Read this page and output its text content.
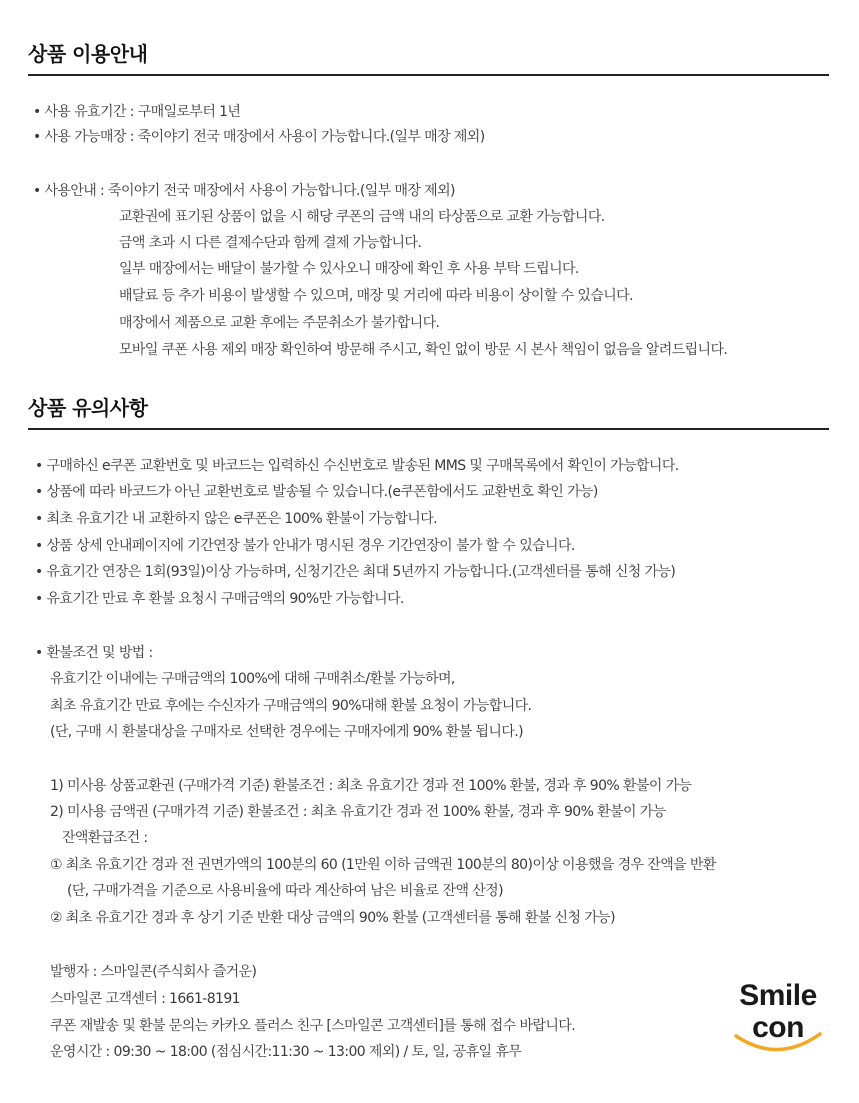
상품 이용안내

• 사용 유효기간 : 구매일로부터 1년

• 사용 가능매장 : 죽이야기 전국 매장에서 사용이 가능합니다.(일부 매장 제외)

• 사용안내 : 죽이야기 전국 매장에서 사용이 가능합니다.(일부 매장 제외)

교환권에 표기된 상품이 없을 시 해당 쿠폰의 금액 내의 타상품으로 교환 가능합니다.

금액 초과 시 다른 결제수단과 함께 결제 가능합니다.

일부 매장에서는 배달이 불가할 수 있사오니 매장에 확인 후 사용 부탁 드립니다.

배달료 등 추가 비용이 발생할 수 있으며, 매장 및 거리에 따라 비용이 상이할 수 있습니다.

매장에서 제품으로 교환 후에는 주문취소가 불가합니다.

모바일 쿠폰 사용 제외 매장 확인하여 방문해 주시고, 확인 없이 방문 시 본사 책임이 없음을 알려드립니다.

상품 유의사항

• 구매하신 e쿠폰 교환번호 및 바코드는 입력하신 수신번호로 발송된 MMS 및 구매목록에서 확인이 가능합니다.

• 상품에 따라 바코드가 아닌 교환번호로 발송될 수 있습니다.(e쿠폰함에서도 교환번호 확인 가능)

• 최초 유효기간 내 교환하지 않은 e쿠폰은 100% 환불이 가능합니다.

• 상품 상세 안내페이지에 기간연장 불가 안내가 명시된 경우 기간연장이 불가 할 수 있습니다.

• 유효기간 연장은 1회(93일)이상 가능하며, 신청기간은 최대 5년까지 가능합니다.(고객센터를 통해 신청 가능)

• 유효기간 만료 후 환불 요청시 구매금액의 90%만 가능합니다.

• 환불조건 및 방법 :

유효기간 이내에는 구매금액의 100%에 대해 구매취소/환불 가능하며,

최초 유효기간 만료 후에는 수신자가 구매금액의 90%대해 환불 요청이 가능합니다.

(단, 구매 시 환불대상을 구매자로 선택한 경우에는 구매자에게 90% 환불 됩니다.)

1) 미사용 상품교환권 (구매가격 기준) 환불조건 : 최초 유효기간 경과 전 100% 환불, 경과 후 90% 환불이 가능

2) 미사용 금액권 (구매가격 기준) 환불조건 : 최초 유효기간 경과 전 100% 환불, 경과 후 90% 환불이 가능

잔액환급조건 :

① 최초 유효기간 경과 전 권면가액의 100분의 60 (1만원 이하 금액권 100분의 80)이상 이용했을 경우 잔액을 반환

(단, 구매가격을 기준으로 사용비율에 따라 계산하여 남은 비율로 잔액 산정)

② 최초 유효기간 경과 후 상기 기준 반환 대상 금액의 90% 환불 (고객센터를 통해 환불 신청 가능)

발행자 : 스마일콘(주식회사 즐거운)

스마일콘 고객센터 : 1661-8191

쿠폰 재발송 및 환불 문의는 카카오 플러스 친구 [스마일콘 고객센터]를 통해 접수 바랍니다.

운영시간 : 09:30 ~ 18:00 (점심시간:11:30 ~ 13:00 제외) / 토, 일, 공휴일 휴무

Smile
con
